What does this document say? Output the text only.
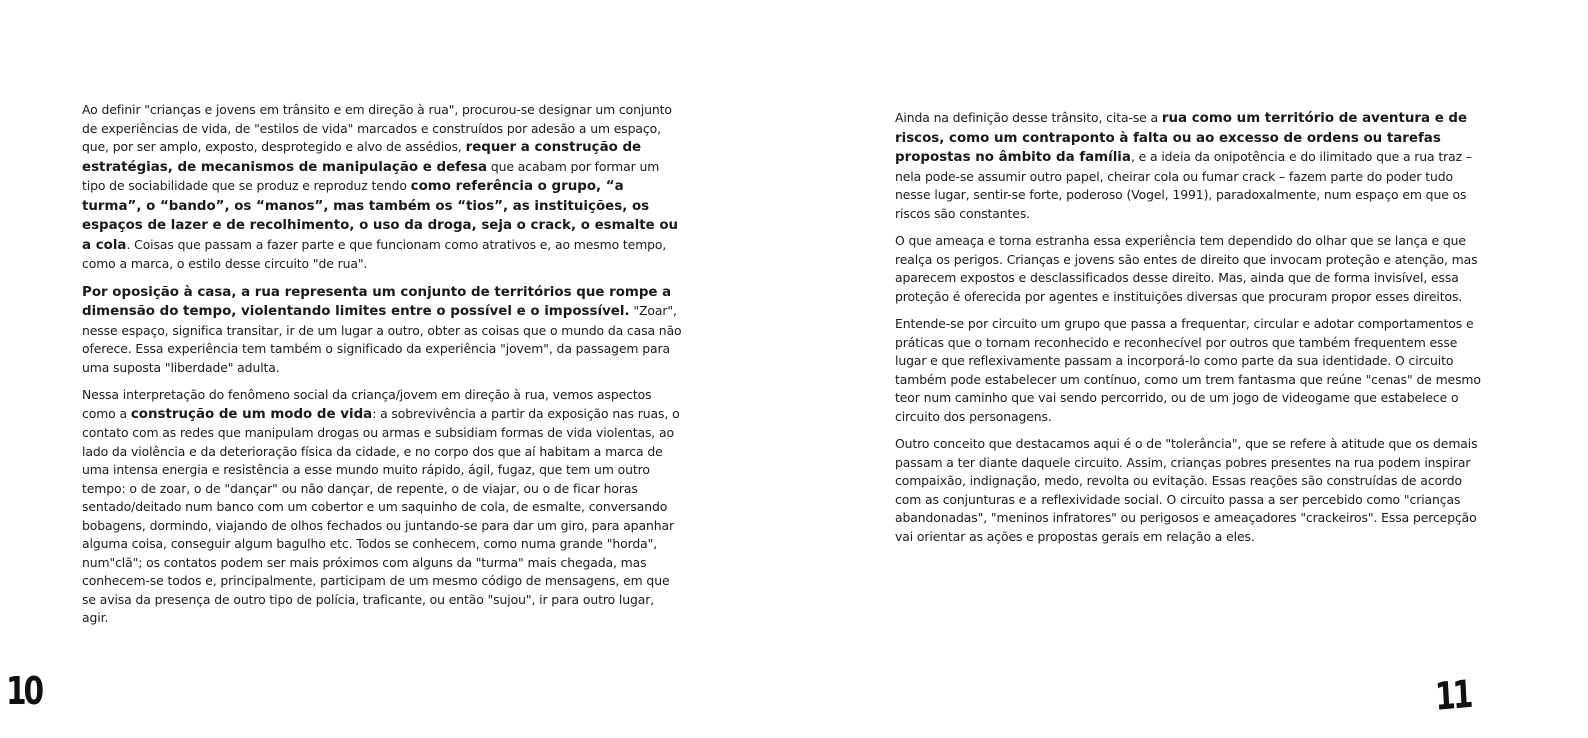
Ao definir "crianças e jovens em trânsito e em direção à rua", procurou-se designar um conjunto de experiências de vida, de "estilos de vida" marcados e construídos por adesão a um espaço, que, por ser amplo, exposto, desprotegido e alvo de assédios, requer a construção de estratégias, de mecanismos de manipulação e defesa que acabam por formar um tipo de sociabilidade que se produz e reproduz tendo como referência o grupo, “a turma”, o “bando”, os “manos”, mas também os “tios”, as instituições, os espaços de lazer e de recolhimento, o uso da droga, seja o crack, o esmalte ou a cola. Coisas que passam a fazer parte e que funcionam como atrativos e, ao mesmo tempo, como a marca, o estilo desse circuito "de rua".

Por oposição à casa, a rua representa um conjunto de territórios que rompe a dimensão do tempo, violentando limites entre o possível e o impossível. "Zoar", nesse espaço, significa transitar, ir de um lugar a outro, obter as coisas que o mundo da casa não oferece. Essa experiência tem também o significado da experiência "jovem", da passagem para uma suposta "liberdade" adulta.

Nessa interpretação do fenômeno social da criança/jovem em direção à rua, vemos aspectos como a construção de um modo de vida: a sobrevivência a partir da exposição nas ruas, o contato com as redes que manipulam drogas ou armas e subsidiam formas de vida violentas, ao lado da violência e da deterioração física da cidade, e no corpo dos que aí habitam a marca de uma intensa energia e resistência a esse mundo muito rápido, ágil, fugaz, que tem um outro tempo: o de zoar, o de "dançar" ou não dançar, de repente, o de viajar, ou o de ficar horas sentado/deitado num banco com um cobertor e um saquinho de cola, de esmalte, conversando bobagens, dormindo, viajando de olhos fechados ou juntando-se para dar um giro, para apanhar alguma coisa, conseguir algum bagulho etc. Todos se conhecem, como numa grande "horda", num"clã"; os contatos podem ser mais próximos com alguns da "turma" mais chegada, mas conhecem-se todos e, principalmente, participam de um mesmo código de mensagens, em que se avisa da presença de outro tipo de polícia, traficante, ou então "sujou", ir para outro lugar, agir.

10

Ainda na definição desse trânsito, cita-se a rua como um território de aventura e de riscos, como um contraponto à falta ou ao excesso de ordens ou tarefas propostas no âmbito da família, e a ideia da onipotência e do ilimitado que a rua traz – nela pode-se assumir outro papel, cheirar cola ou fumar crack – fazem parte do poder tudo nesse lugar, sentir-se forte, poderoso (Vogel, 1991), paradoxalmente, num espaço em que os riscos são constantes.

O que ameaça e torna estranha essa experiência tem dependido do olhar que se lança e que realça os perigos. Crianças e jovens são entes de direito que invocam proteção e atenção, mas aparecem expostos e desclassificados desse direito. Mas, ainda que de forma invisível, essa proteção é oferecida por agentes e instituições diversas que procuram propor esses direitos.

Entende-se por circuito um grupo que passa a frequentar, circular e adotar comportamentos e práticas que o tornam reconhecido e reconhecível por outros que também frequentem esse lugar e que reflexivamente passam a incorporá-lo como parte da sua identidade. O circuito também pode estabelecer um contínuo, como um trem fantasma que reúne "cenas" de mesmo teor num caminho que vai sendo percorrido, ou de um jogo de videogame que estabelece o circuito dos personagens.

Outro conceito que destacamos aqui é o de "tolerância", que se refere à atitude que os demais passam a ter diante daquele circuito. Assim, crianças pobres presentes na rua podem inspirar compaixão, indignação, medo, revolta ou evitação. Essas reações são construídas de acordo com as conjunturas e a reflexividade social. O circuito passa a ser percebido como "crianças abandonadas", "meninos infratores" ou perigosos e ameaçadores "crackeiros". Essa percepção vai orientar as ações e propostas gerais em relação a eles.

11
